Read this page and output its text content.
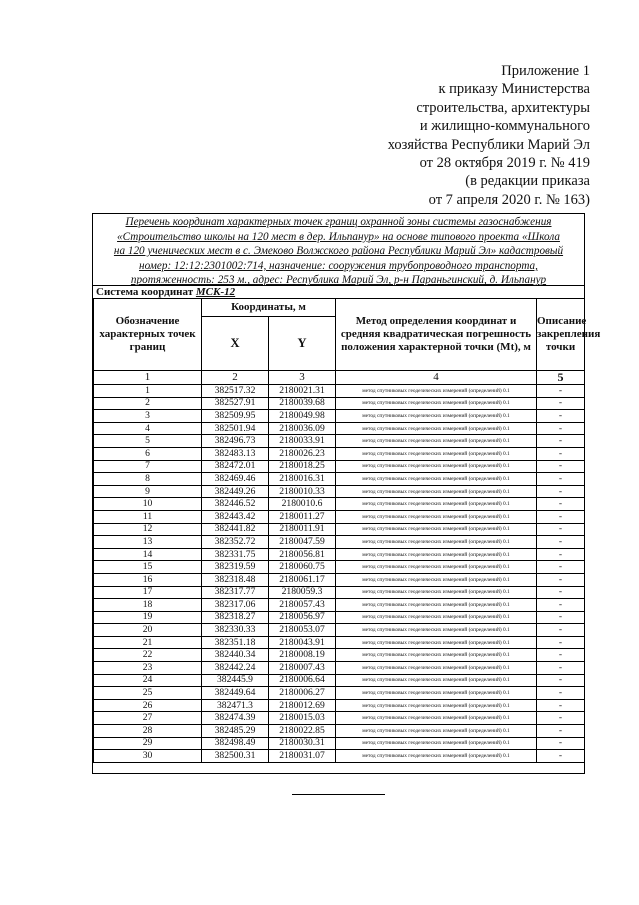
Приложение 1
к приказу Министерства
строительства, архитектуры
и жилищно-коммунального
хозяйства Республики Марий Эл
от 28 октября 2019 г. № 419
(в редакции приказа
от 7 апреля 2020 г. № 163)
Перечень координат характерных точек границ охранной зоны системы газоснабжения
«Строительство школы на 120 мест в дер. Ильпанур» на основе типового проекта «Школа
на 120 ученических мест в с. Эмеково Волжского района Республики Марий Эл» кадастровый
номер: 12:12:2301002:714, назначение: сооружения трубопроводного транспорта,
протяженность: 253 м., адрес: Республика Марий Эл, р-н Параньгинский, д. Ильпанур
Система координат МСК-12
Обозначение характерных точек границ	Координаты, м		Метод определения координат и средняя квадратическая погрешность положения характерной точки (Mt), м	Описание закрепления точки
	X	Y		
1	2	3	4	5
1	382517.32	2180021.31	метод спутниковых геодезических измерений (определений) 0.1	-
2	382527.91	2180039.68	метод спутниковых геодезических измерений (определений) 0.1	-
3	382509.95	2180049.98	метод спутниковых геодезических измерений (определений) 0.1	-
4	382501.94	2180036.09	метод спутниковых геодезических измерений (определений) 0.1	-
5	382496.73	2180033.91	метод спутниковых геодезических измерений (определений) 0.1	-
6	382483.13	2180026.23	метод спутниковых геодезических измерений (определений) 0.1	-
7	382472.01	2180018.25	метод спутниковых геодезических измерений (определений) 0.1	-
8	382469.46	2180016.31	метод спутниковых геодезических измерений (определений) 0.1	-
9	382449.26	2180010.33	метод спутниковых геодезических измерений (определений) 0.1	-
10	382446.52	2180010.6	метод спутниковых геодезических измерений (определений) 0.1	-
11	382443.42	2180011.27	метод спутниковых геодезических измерений (определений) 0.1	-
12	382441.82	2180011.91	метод спутниковых геодезических измерений (определений) 0.1	-
13	382352.72	2180047.59	метод спутниковых геодезических измерений (определений) 0.1	-
14	382331.75	2180056.81	метод спутниковых геодезических измерений (определений) 0.1	-
15	382319.59	2180060.75	метод спутниковых геодезических измерений (определений) 0.1	-
16	382318.48	2180061.17	метод спутниковых геодезических измерений (определений) 0.1	-
17	382317.77	2180059.3	метод спутниковых геодезических измерений (определений) 0.1	-
18	382317.06	2180057.43	метод спутниковых геодезических измерений (определений) 0.1	-
19	382318.27	2180056.97	метод спутниковых геодезических измерений (определений) 0.1	-
20	382330.33	2180053.07	метод спутниковых геодезических измерений (определений) 0.1	-
21	382351.18	2180043.91	метод спутниковых геодезических измерений (определений) 0.1	-
22	382440.34	2180008.19	метод спутниковых геодезических измерений (определений) 0.1	-
23	382442.24	2180007.43	метод спутниковых геодезических измерений (определений) 0.1	-
24	382445.9	2180006.64	метод спутниковых геодезических измерений (определений) 0.1	-
25	382449.64	2180006.27	метод спутниковых геодезических измерений (определений) 0.1	-
26	382471.3	2180012.69	метод спутниковых геодезических измерений (определений) 0.1	-
27	382474.39	2180015.03	метод спутниковых геодезических измерений (определений) 0.1	-
28	382485.29	2180022.85	метод спутниковых геодезических измерений (определений) 0.1	-
29	382498.49	2180030.31	метод спутниковых геодезических измерений (определений) 0.1	-
30	382500.31	2180031.07	метод спутниковых геодезических измерений (определений) 0.1	-
